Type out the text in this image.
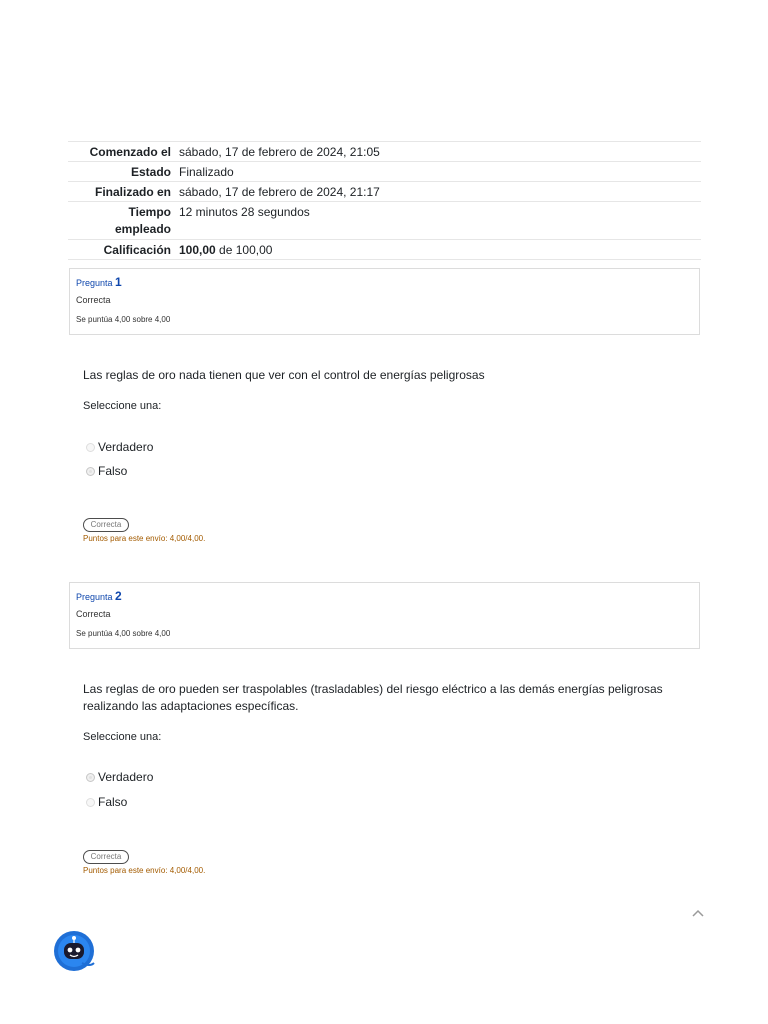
Comenzado el sábado, 17 de febrero de 2024, 21:05
Estado Finalizado
Finalizado en sábado, 17 de febrero de 2024, 21:17
Tiempo
empleado
12 minutos 28 segundos
Calificación 100,00 de 100,00
Pregunta 1
Correcta
Se puntúa 4,00 sobre 4,00
Las reglas de oro nada tienen que ver con el control de energías peligrosas
Seleccione una:
Verdadero
Falso
Correcta
Puntos para este envío: 4,00/4,00.
Pregunta 2
Correcta
Se puntúa 4,00 sobre 4,00
Las reglas de oro pueden ser traspolables (trasladables) del riesgo eléctrico a las demás energías peligrosas realizando las adaptaciones específicas.
Seleccione una:
Verdadero
Falso
Correcta
Puntos para este envío: 4,00/4,00.
